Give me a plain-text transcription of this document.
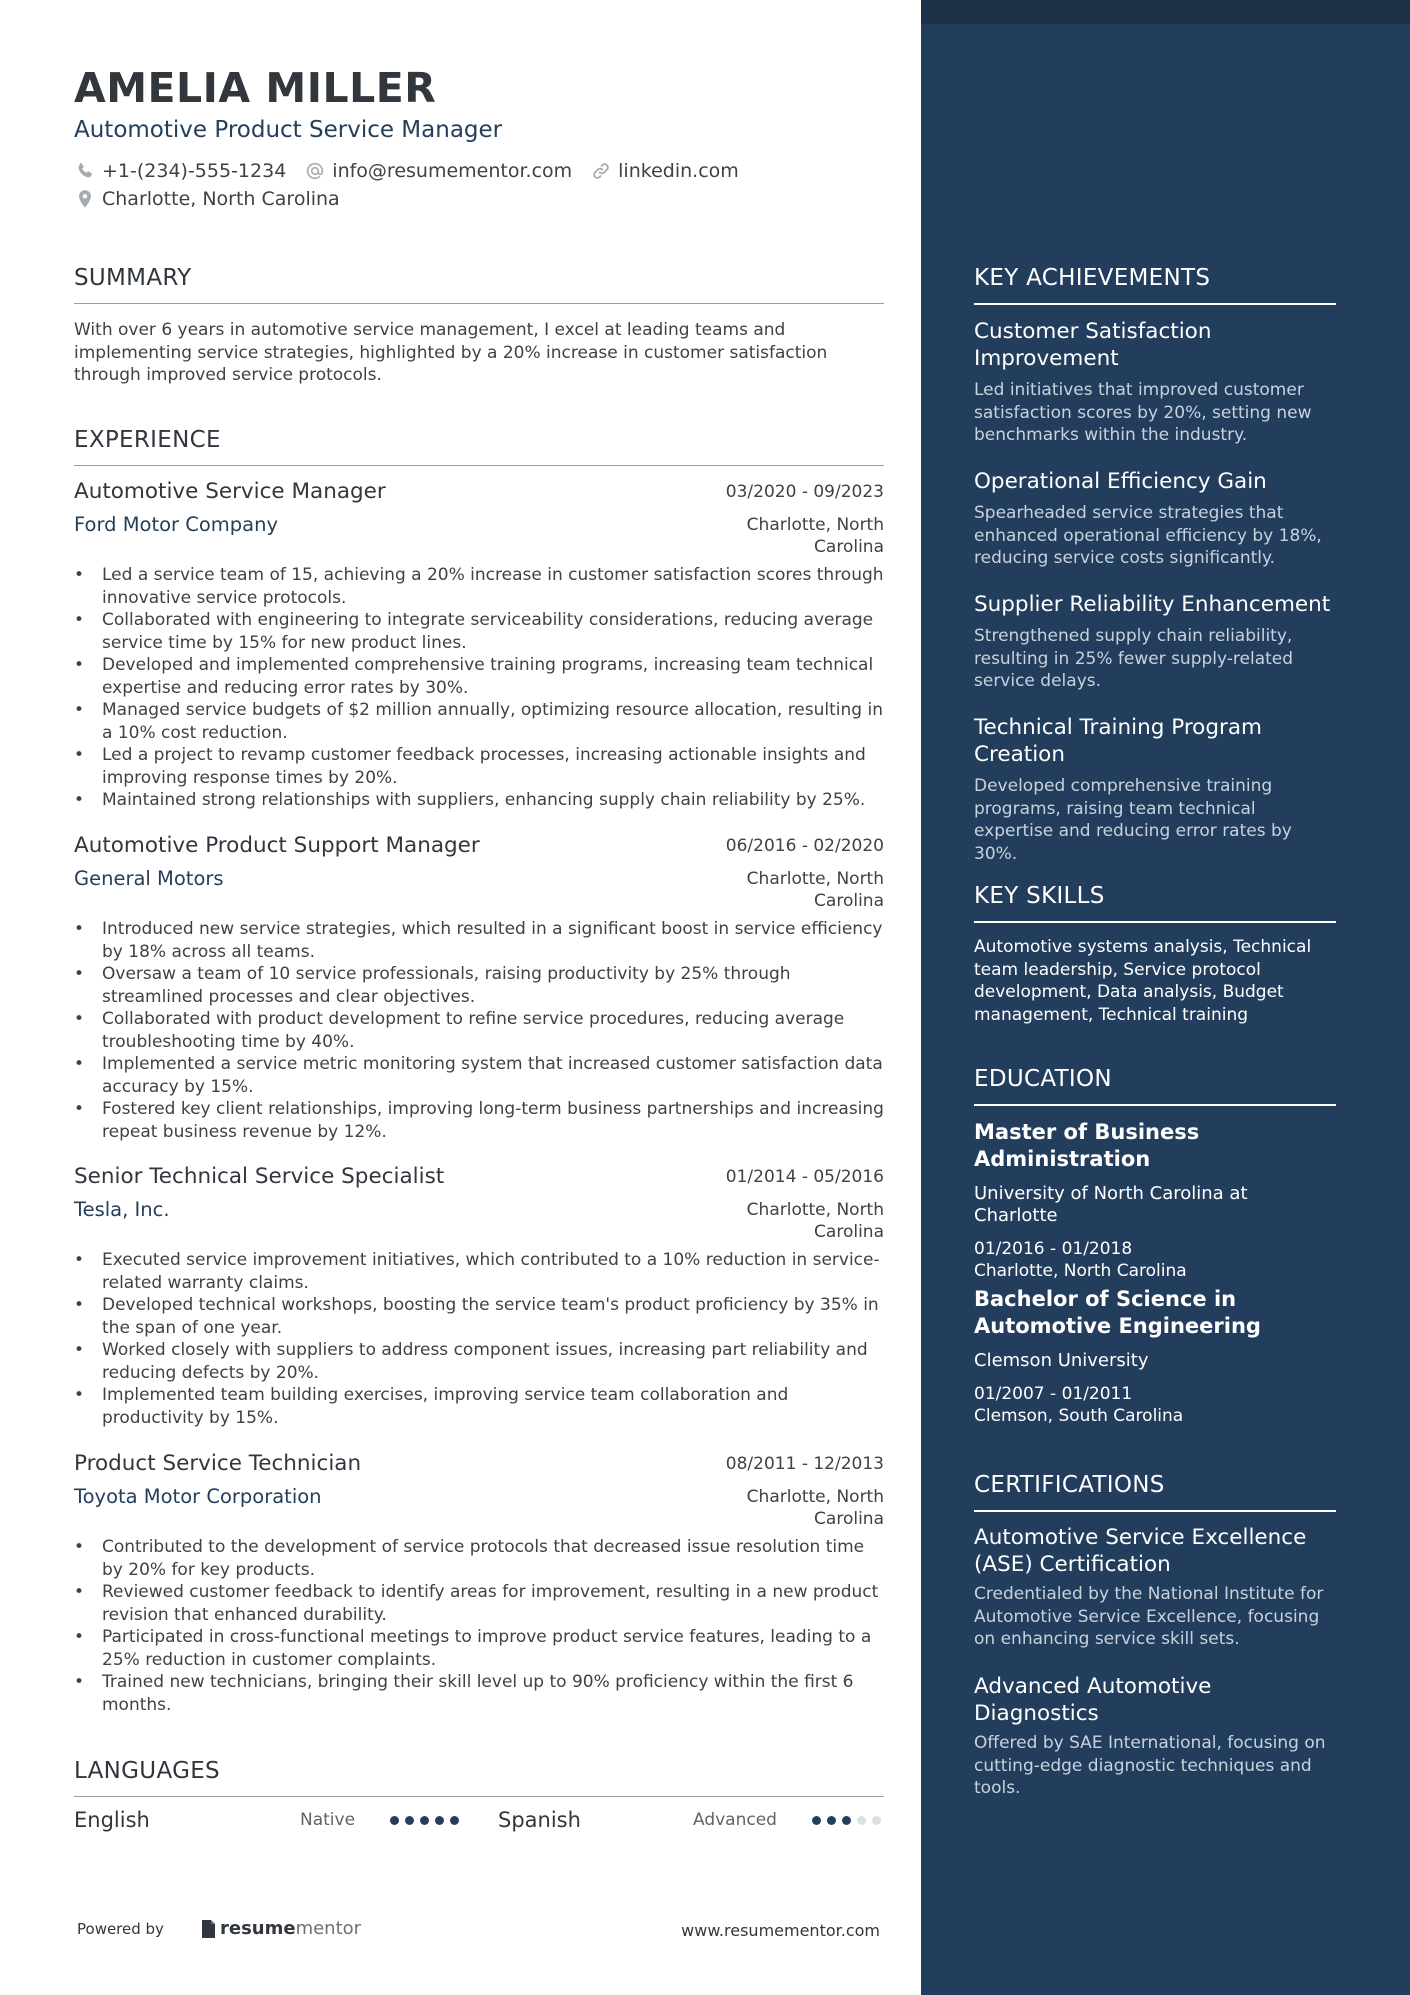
AMELIA MILLER
Automotive Product Service Manager
+1-(234)-555-1234 info@resumementor.com linkedin.com
Charlotte, North Carolina
SUMMARY
With over 6 years in automotive service management, I excel at leading teams and implementing service strategies, highlighted by a 20% increase in customer satisfaction through improved service protocols.
EXPERIENCE
Automotive Service Manager	03/2020 - 09/2023
Ford Motor Company	Charlotte, North Carolina
• Led a service team of 15, achieving a 20% increase in customer satisfaction scores through innovative service protocols.
• Collaborated with engineering to integrate serviceability considerations, reducing average service time by 15% for new product lines.
• Developed and implemented comprehensive training programs, increasing team technical expertise and reducing error rates by 30%.
• Managed service budgets of $2 million annually, optimizing resource allocation, resulting in a 10% cost reduction.
• Led a project to revamp customer feedback processes, increasing actionable insights and improving response times by 20%.
• Maintained strong relationships with suppliers, enhancing supply chain reliability by 25%.
Automotive Product Support Manager	06/2016 - 02/2020
General Motors	Charlotte, North Carolina
• Introduced new service strategies, which resulted in a significant boost in service efficiency by 18% across all teams.
• Oversaw a team of 10 service professionals, raising productivity by 25% through streamlined processes and clear objectives.
• Collaborated with product development to refine service procedures, reducing average troubleshooting time by 40%.
• Implemented a service metric monitoring system that increased customer satisfaction data accuracy by 15%.
• Fostered key client relationships, improving long-term business partnerships and increasing repeat business revenue by 12%.
Senior Technical Service Specialist	01/2014 - 05/2016
Tesla, Inc.	Charlotte, North Carolina
• Executed service improvement initiatives, which contributed to a 10% reduction in service-related warranty claims.
• Developed technical workshops, boosting the service team's product proficiency by 35% in the span of one year.
• Worked closely with suppliers to address component issues, increasing part reliability and reducing defects by 20%.
• Implemented team building exercises, improving service team collaboration and productivity by 15%.
Product Service Technician	08/2011 - 12/2013
Toyota Motor Corporation	Charlotte, North Carolina
• Contributed to the development of service protocols that decreased issue resolution time by 20% for key products.
• Reviewed customer feedback to identify areas for improvement, resulting in a new product revision that enhanced durability.
• Participated in cross-functional meetings to improve product service features, leading to a 25% reduction in customer complaints.
• Trained new technicians, bringing their skill level up to 90% proficiency within the first 6 months.
LANGUAGES
English	Native	Spanish	Advanced
Powered by	resume mentor	www.resumementor.com
KEY ACHIEVEMENTS
Customer Satisfaction Improvement
Led initiatives that improved customer satisfaction scores by 20%, setting new benchmarks within the industry.
Operational Efficiency Gain
Spearheaded service strategies that enhanced operational efficiency by 18%, reducing service costs significantly.
Supplier Reliability Enhancement
Strengthened supply chain reliability, resulting in 25% fewer supply-related service delays.
Technical Training Program Creation
Developed comprehensive training programs, raising team technical expertise and reducing error rates by 30%.
KEY SKILLS
Automotive systems analysis, Technical team leadership, Service protocol development, Data analysis, Budget management, Technical training
EDUCATION
Master of Business Administration
University of North Carolina at Charlotte
01/2016 - 01/2018
Charlotte, North Carolina
Bachelor of Science in Automotive Engineering
Clemson University
01/2007 - 01/2011
Clemson, South Carolina
CERTIFICATIONS
Automotive Service Excellence (ASE) Certification
Credentialed by the National Institute for Automotive Service Excellence, focusing on enhancing service skill sets.
Advanced Automotive Diagnostics
Offered by SAE International, focusing on cutting-edge diagnostic techniques and tools.
